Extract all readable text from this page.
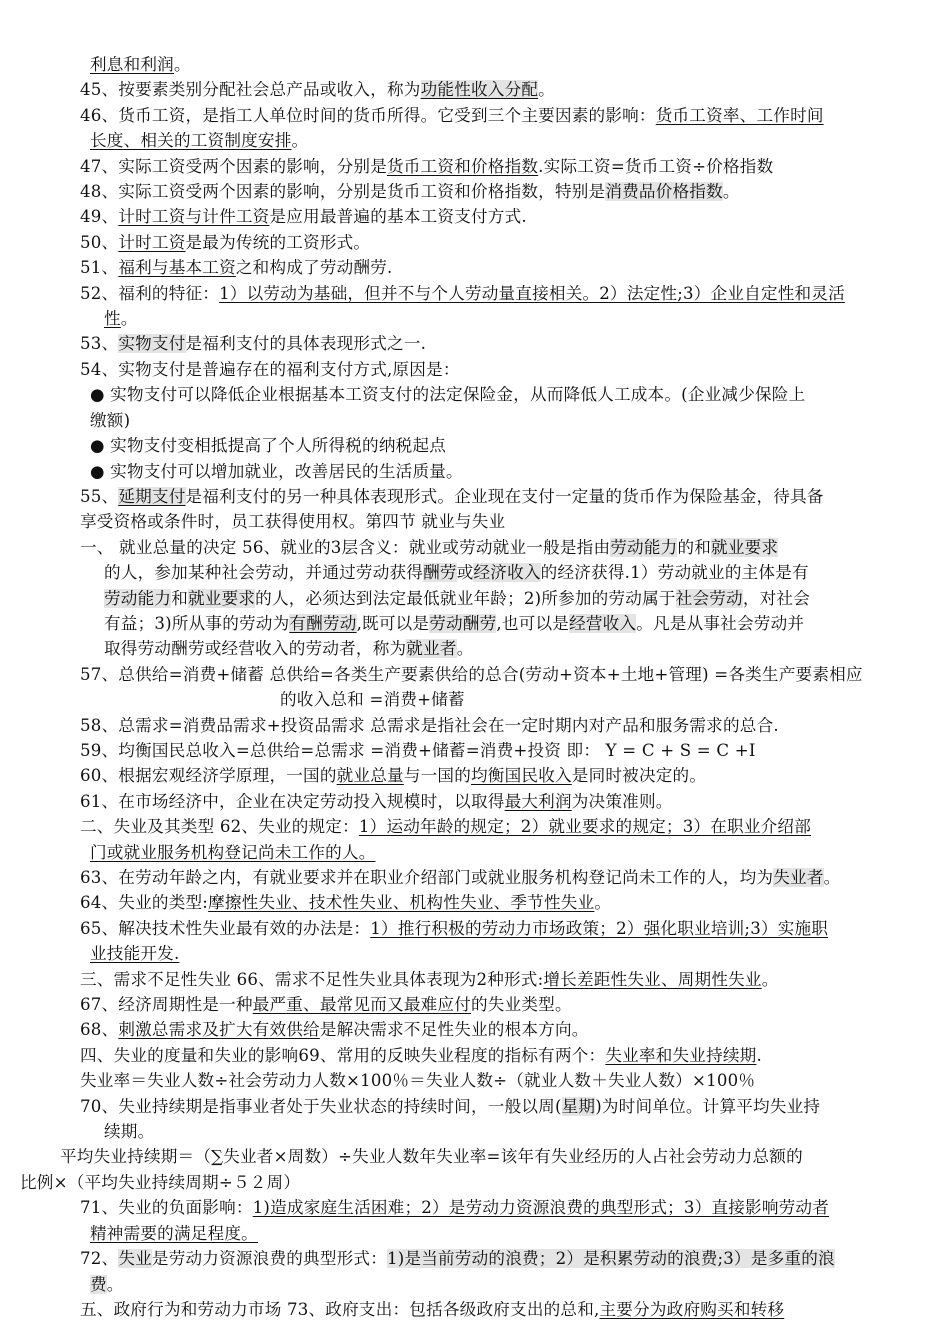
利息和利润。

45、按要素类别分配社会总产品或收入，称为功能性收入分配。

46、货币工资，是指工人单位时间的货币所得。它受到三个主要因素的影响：货币工资率、工作时间

长度、相关的工资制度安排。

47、实际工资受两个因素的影响，分别是货币工资和价格指数.实际工资=货币工资÷价格指数

48、实际工资受两个因素的影响，分别是货币工资和价格指数，特别是消费品价格指数。

49、计时工资与计件工资是应用最普遍的基本工资支付方式.

50、计时工资是最为传统的工资形式。

51、福利与基本工资之和构成了劳动酬劳.

52、福利的特征：1）以劳动为基础，但并不与个人劳动量直接相关。2）法定性;3）企业自定性和灵活

性。

53、实物支付是福利支付的具体表现形式之一.

54、实物支付是普遍存在的福利支付方式,原因是：

● 实物支付可以降低企业根据基本工资支付的法定保险金，从而降低人工成本。(企业减少保险上

缴额)

● 实物支付变相抵提高了个人所得税的纳税起点

● 实物支付可以增加就业，改善居民的生活质量。

55、延期支付是福利支付的另一种具体表现形式。企业现在支付一定量的货币作为保险基金，待具备

享受资格或条件时，员工获得使用权。第四节 就业与失业

一、 就业总量的决定 56、就业的3层含义：就业或劳动就业一般是指由劳动能力的和就业要求

的人，参加某种社会劳动，并通过劳动获得酬劳或经济收入的经济获得.1）劳动就业的主体是有

劳动能力和就业要求的人，必须达到法定最低就业年龄；2)所参加的劳动属于社会劳动，对社会

有益；3)所从事的劳动为有酬劳动,既可以是劳动酬劳,也可以是经营收入。凡是从事社会劳动并

取得劳动酬劳或经营收入的劳动者，称为就业者。

57、总供给=消费+储蓄 总供给=各类生产要素供给的总合(劳动+资本+土地+管理) =各类生产要素相应

的收入总和 =消费+储蓄

58、总需求=消费品需求+投资品需求 总需求是指社会在一定时期内对产品和服务需求的总合.

59、均衡国民总收入=总供给=总需求 =消费+储蓄=消费+投资 即： Y = C + S = C +I

60、根据宏观经济学原理，一国的就业总量与一国的均衡国民收入是同时被决定的。

61、在市场经济中，企业在决定劳动投入规模时，以取得最大利润为决策准则。

二、失业及其类型 62、失业的规定：1）运动年龄的规定；2）就业要求的规定；3）在职业介绍部

门或就业服务机构登记尚未工作的人。

63、在劳动年龄之内，有就业要求并在职业介绍部门或就业服务机构登记尚未工作的人，均为失业者。

64、失业的类型:摩擦性失业、技术性失业、机构性失业、季节性失业。

65、解决技术性失业最有效的办法是：1）推行积极的劳动力市场政策；2）强化职业培训;3）实施职

业技能开发.

三、需求不足性失业 66、需求不足性失业具体表现为2种形式:增长差距性失业、周期性失业。

67、经济周期性是一种最严重、最常见而又最难应付的失业类型。

68、刺激总需求及扩大有效供给是解决需求不足性失业的根本方向。

四、失业的度量和失业的影响69、常用的反映失业程度的指标有两个：失业率和失业持续期.

失业率＝失业人数÷社会劳动力人数×100％＝失业人数÷（就业人数＋失业人数）×100％

70、失业持续期是指事业者处于失业状态的持续时间，一般以周(星期)为时间单位。计算平均失业持

续期。

平均失业持续期＝（∑失业者×周数）÷失业人数年失业率=该年有失业经历的人占社会劳动力总额的

比例×（平均失业持续周期÷５２周）

71、失业的负面影响：1)造成家庭生活困难；2）是劳动力资源浪费的典型形式；3）直接影响劳动者

精神需要的满足程度。

72、失业是劳动力资源浪费的典型形式：1)是当前劳动的浪费；2）是积累劳动的浪费;3）是多重的浪

费。

五、政府行为和劳动力市场 73、政府支出：包括各级政府支出的总和,主要分为政府购买和转移
